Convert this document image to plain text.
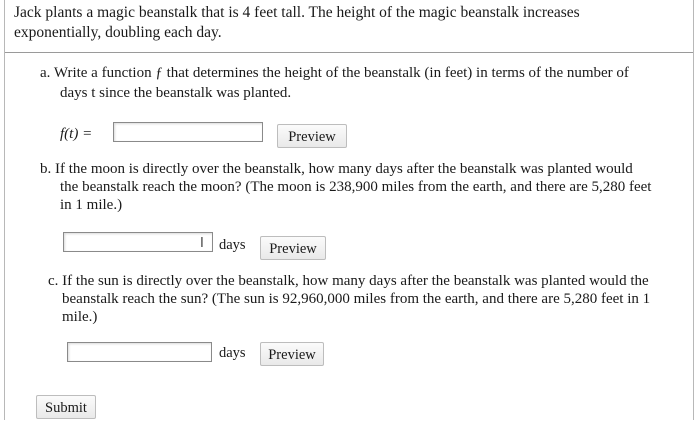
Jack plants a magic beanstalk that is 4 feet tall. The height of the magic beanstalk increases
exponentially, doubling each day.
a. Write a function ƒ that determines the height of the beanstalk (in feet) in terms of the number of
days t since the beanstalk was planted.
f(t) =	Preview
b. If the moon is directly over the beanstalk, how many days after the beanstalk was planted would
the beanstalk reach the moon? (The moon is 238,900 miles from the earth, and there are 5,280 feet
in 1 mile.)
I	days	Preview
c. If the sun is directly over the beanstalk, how many days after the beanstalk was planted would the
beanstalk reach the sun? (The sun is 92,960,000 miles from the earth, and there are 5,280 feet in 1
mile.)
days	Preview
Submit
